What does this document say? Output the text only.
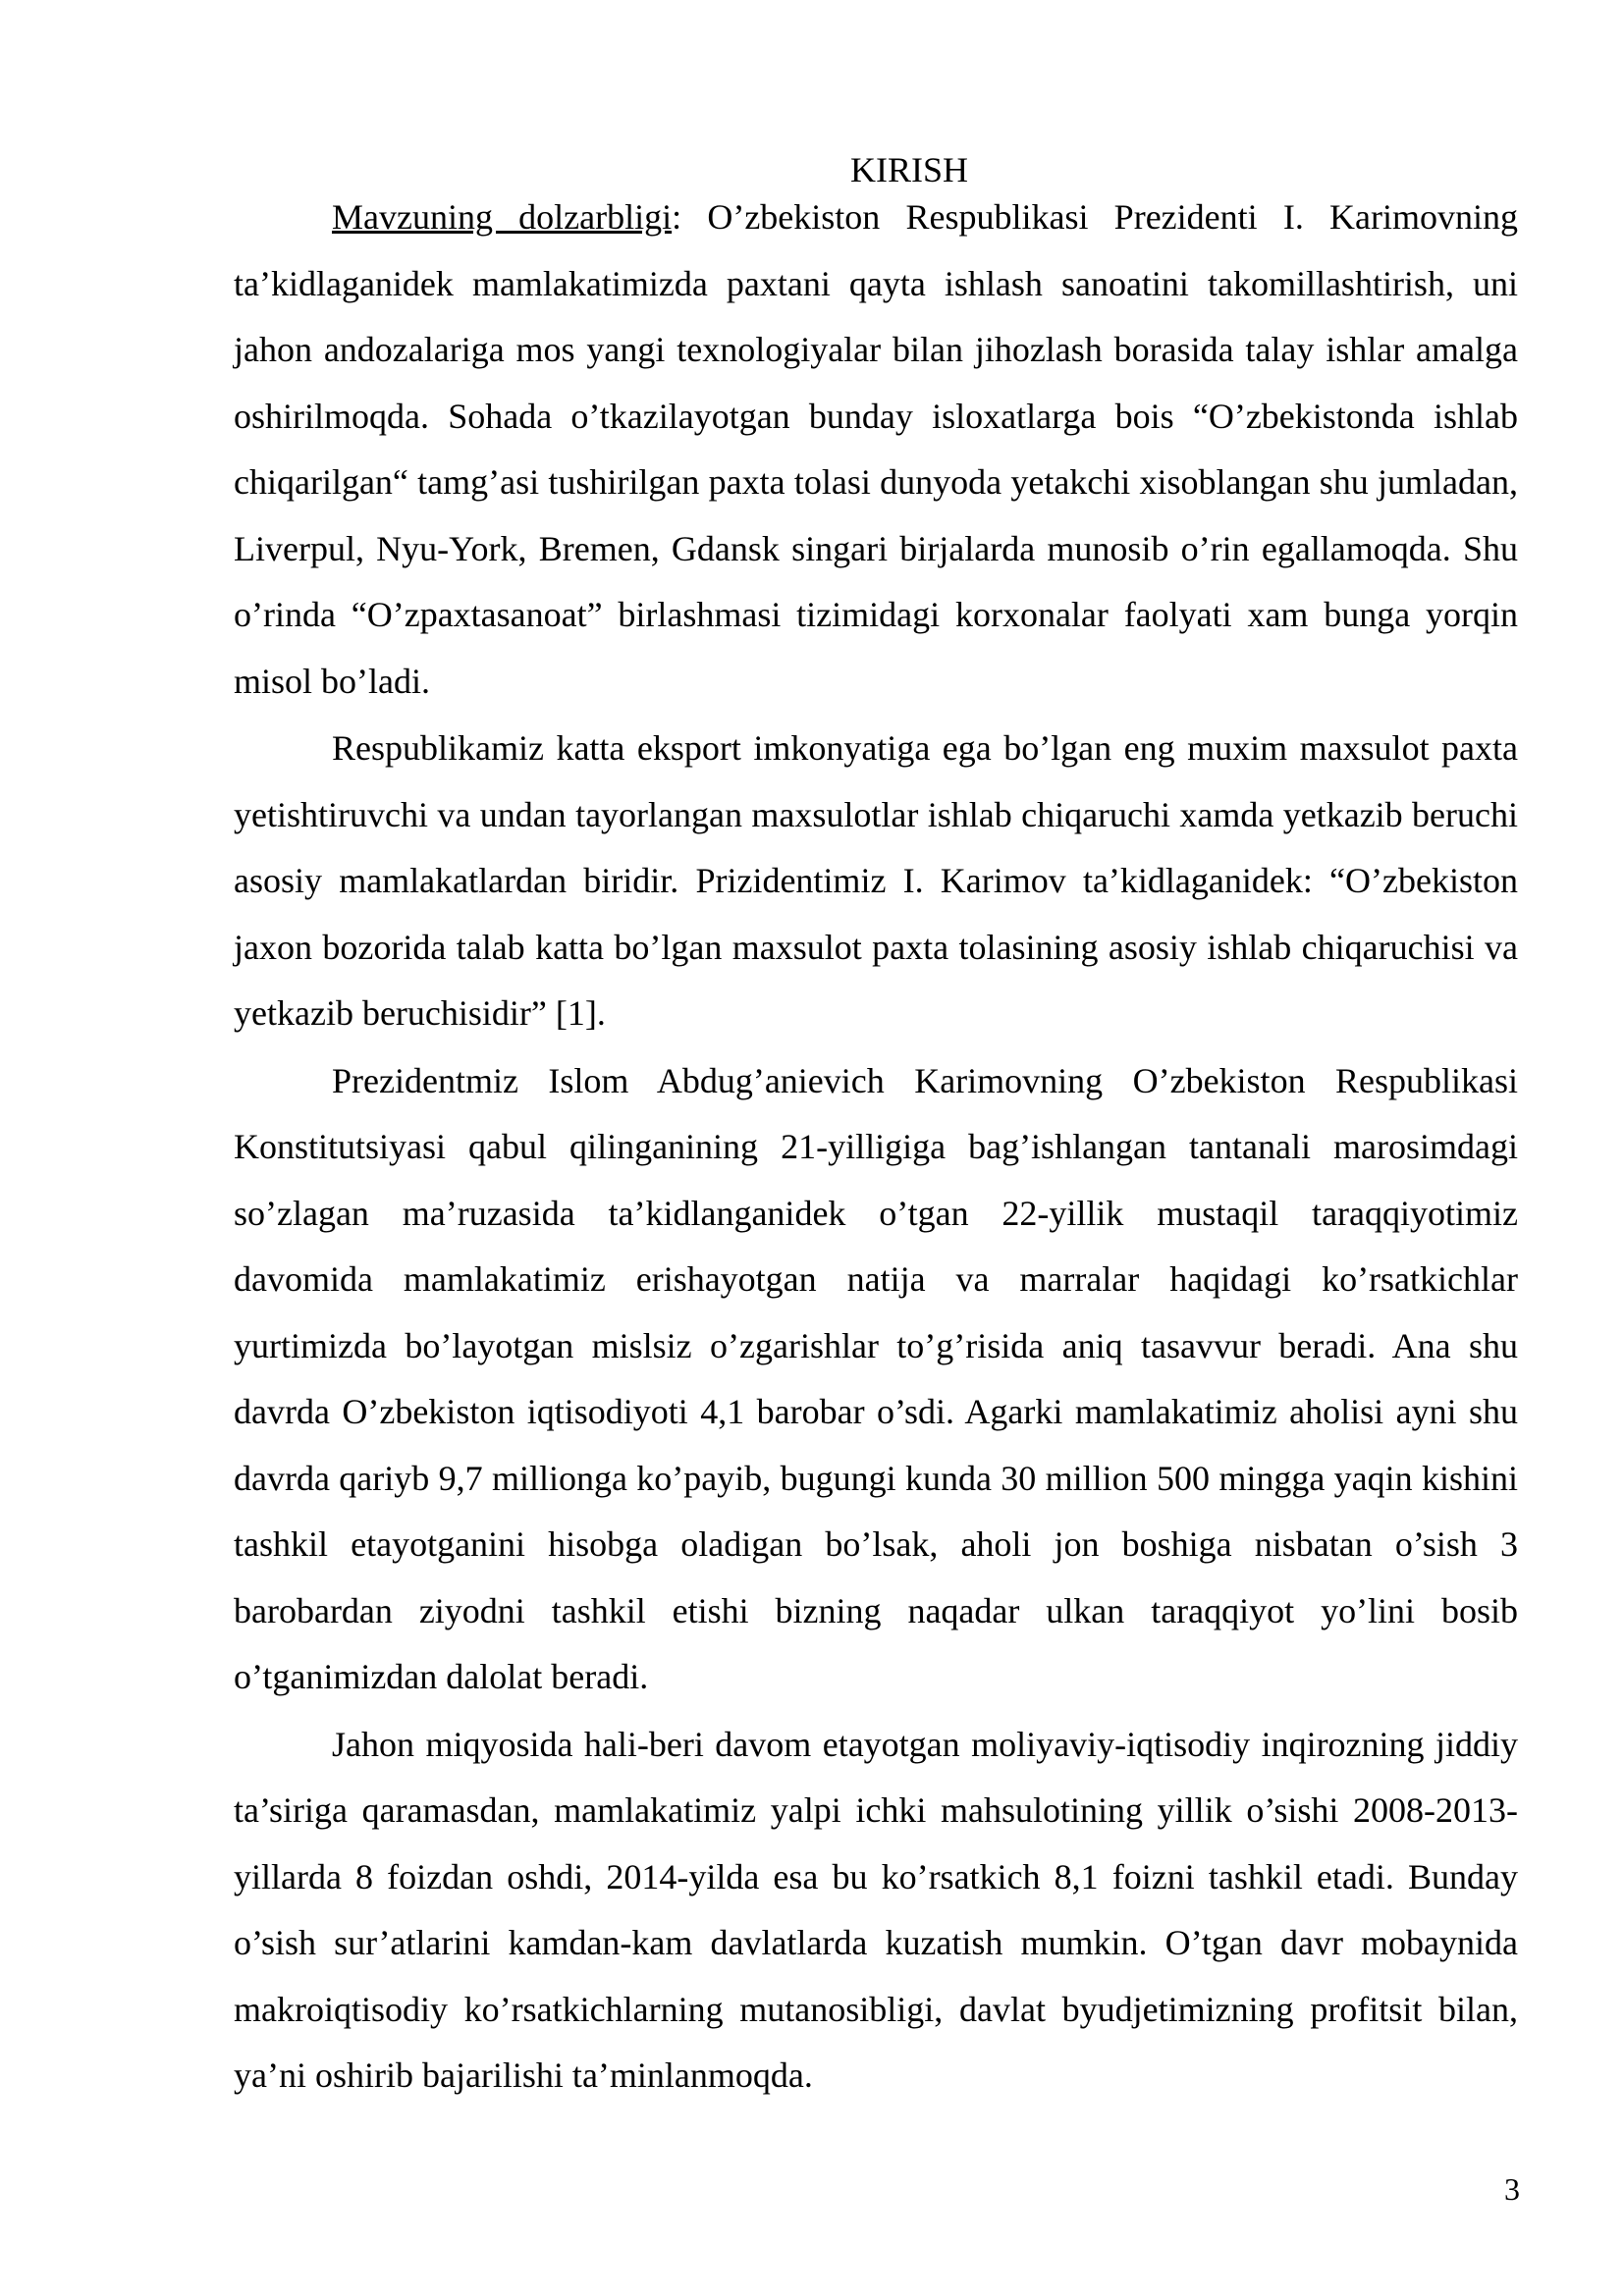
KIRISH

Mavzuning dolzarbligi: O’zbekiston Respublikasi Prezidenti I. Karimovning ta’kidlaganidek mamlakatimizda paxtani qayta ishlash sanoatini takomillashtirish, uni jahon andozalariga mos yangi texnologiyalar bilan jihozlash borasida talay ishlar amalga oshirilmoqda. Sohada o’tkazilayotgan bunday isloxatlarga bois “O’zbekistonda ishlab chiqarilgan“ tamg’asi tushirilgan paxta tolasi dunyoda yetakchi xisoblangan shu jumladan, Liverpul, Nyu-York, Bremen, Gdansk singari birjalarda munosib o’rin egallamoqda. Shu o’rinda “O’zpaxtasanoat” birlashmasi tizimidagi korxonalar faolyati xam bunga yorqin misol bo’ladi.

Respublikamiz katta eksport imkonyatiga ega bo’lgan eng muxim maxsulot paxta yetishtiruvchi va undan tayorlangan maxsulotlar ishlab chiqaruchi xamda yetkazib beruchi asosiy mamlakatlardan biridir. Prizidentimiz I. Karimov ta’kidlaganidek: “O’zbekiston jaxon bozorida talab katta bo’lgan maxsulot paxta tolasining asosiy ishlab chiqaruchisi va yetkazib beruchisidir” [1].

Prezidentmiz Islom Abdug’anievich Karimovning O’zbekiston Respublikasi Konstitutsiyasi qabul qilinganining 21-yilligiga bag’ishlangan tantanali marosimdagi so’zlagan ma’ruzasida ta’kidlanganidek o’tgan 22-yillik mustaqil taraqqiyotimiz davomida mamlakatimiz erishayotgan natija va marralar haqidagi ko’rsatkichlar yurtimizda bo’layotgan mislsiz o’zgarishlar to’g’risida aniq tasavvur beradi. Ana shu davrda O’zbekiston iqtisodiyoti 4,1 barobar o’sdi. Agarki mamlakatimiz aholisi ayni shu davrda qariyb 9,7 millionga ko’payib, bugungi kunda 30 million 500 mingga yaqin kishini tashkil etayotganini hisobga oladigan bo’lsak, aholi jon boshiga nisbatan o’sish 3 barobardan ziyodni tashkil etishi bizning naqadar ulkan taraqqiyot yo’lini bosib o’tganimizdan dalolat beradi.

Jahon miqyosida hali-beri davom etayotgan moliyaviy-iqtisodiy inqirozning jiddiy ta’siriga qaramasdan, mamlakatimiz yalpi ichki mahsulotining yillik o’sishi 2008-2013-yillarda 8 foizdan oshdi, 2014-yilda esa bu ko’rsatkich 8,1 foizni tashkil etadi. Bunday o’sish sur’atlarini kamdan-kam davlatlarda kuzatish mumkin. O’tgan davr mobaynida makroiqtisodiy ko’rsatkichlarning mutanosibligi, davlat byudjetimizning profitsit bilan, ya’ni oshirib bajarilishi ta’minlanmoqda.

3
